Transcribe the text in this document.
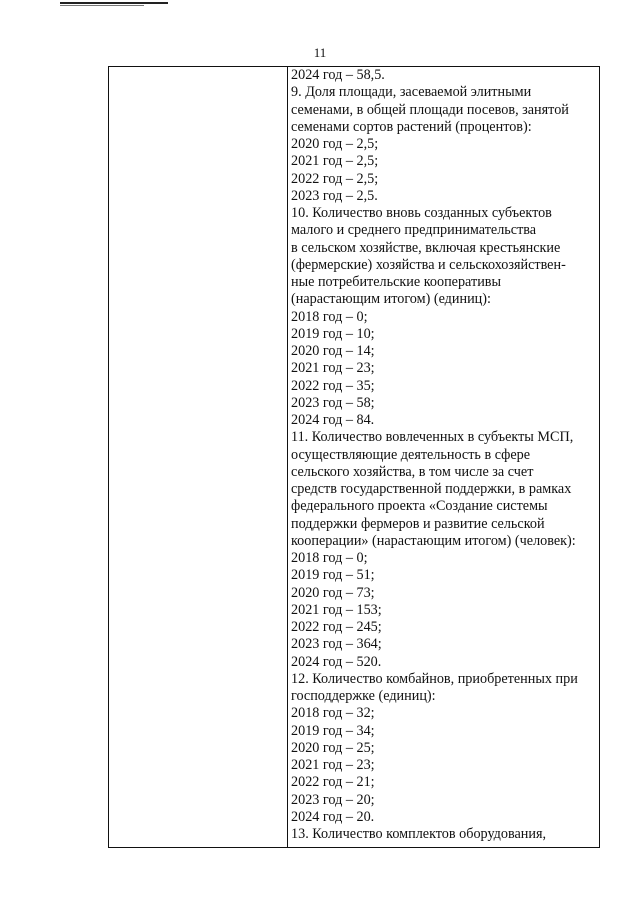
11
2024 год – 58,5.
9. Доля площади, засеваемой элитными
семенами, в общей площади посевов, занятой
семенами сортов растений (процентов):
2020 год – 2,5;
2021 год – 2,5;
2022 год – 2,5;
2023 год – 2,5.
10. Количество вновь созданных субъектов
малого и среднего предпринимательства
в сельском хозяйстве, включая крестьянские
(фермерские) хозяйства и сельскохозяйствен-
ные потребительские кооперативы
(нарастающим итогом) (единиц):
2018 год – 0;
2019 год – 10;
2020 год – 14;
2021 год – 23;
2022 год – 35;
2023 год – 58;
2024 год – 84.
11. Количество вовлеченных в субъекты МСП,
осуществляющие деятельность в сфере
сельского хозяйства, в том числе за счет
средств государственной поддержки, в рамках
федерального проекта «Создание системы
поддержки фермеров и развитие сельской
кооперации» (нарастающим итогом) (человек):
2018 год – 0;
2019 год – 51;
2020 год – 73;
2021 год – 153;
2022 год – 245;
2023 год – 364;
2024 год – 520.
12. Количество комбайнов, приобретенных при
господдержке (единиц):
2018 год – 32;
2019 год – 34;
2020 год – 25;
2021 год – 23;
2022 год – 21;
2023 год – 20;
2024 год – 20.
13. Количество комплектов оборудования,
